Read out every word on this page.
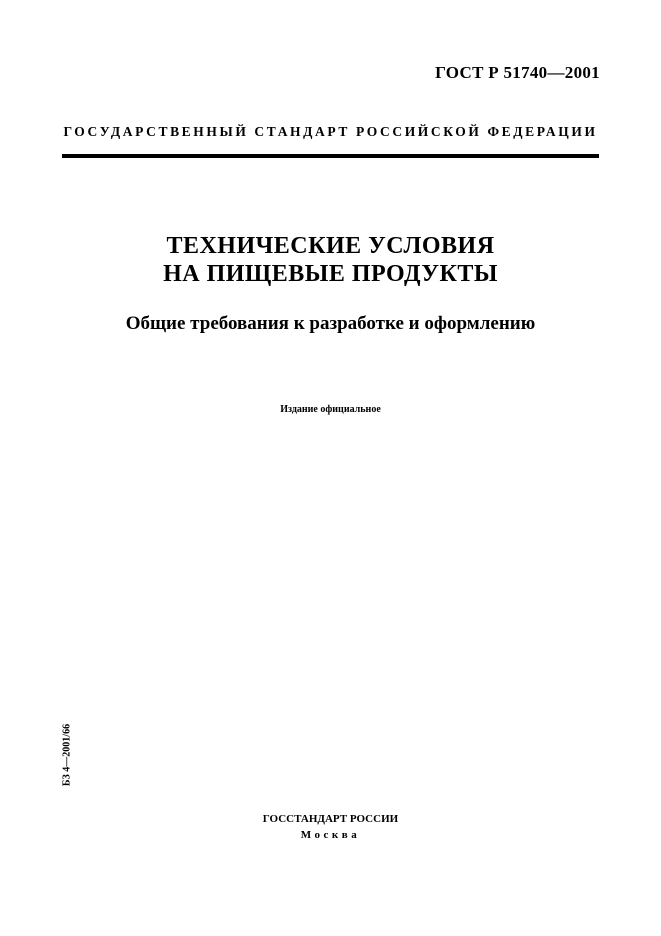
ГОСТ Р 51740—2001
ГОСУДАРСТВЕННЫЙ СТАНДАРТ РОССИЙСКОЙ ФЕДЕРАЦИИ
ТЕХНИЧЕСКИЕ УСЛОВИЯ
НА ПИЩЕВЫЕ ПРОДУКТЫ
Общие требования к разработке и оформлению
Издание официальное
БЗ 4—2001/66
ГОССТАНДАРТ РОССИИ
Москва
